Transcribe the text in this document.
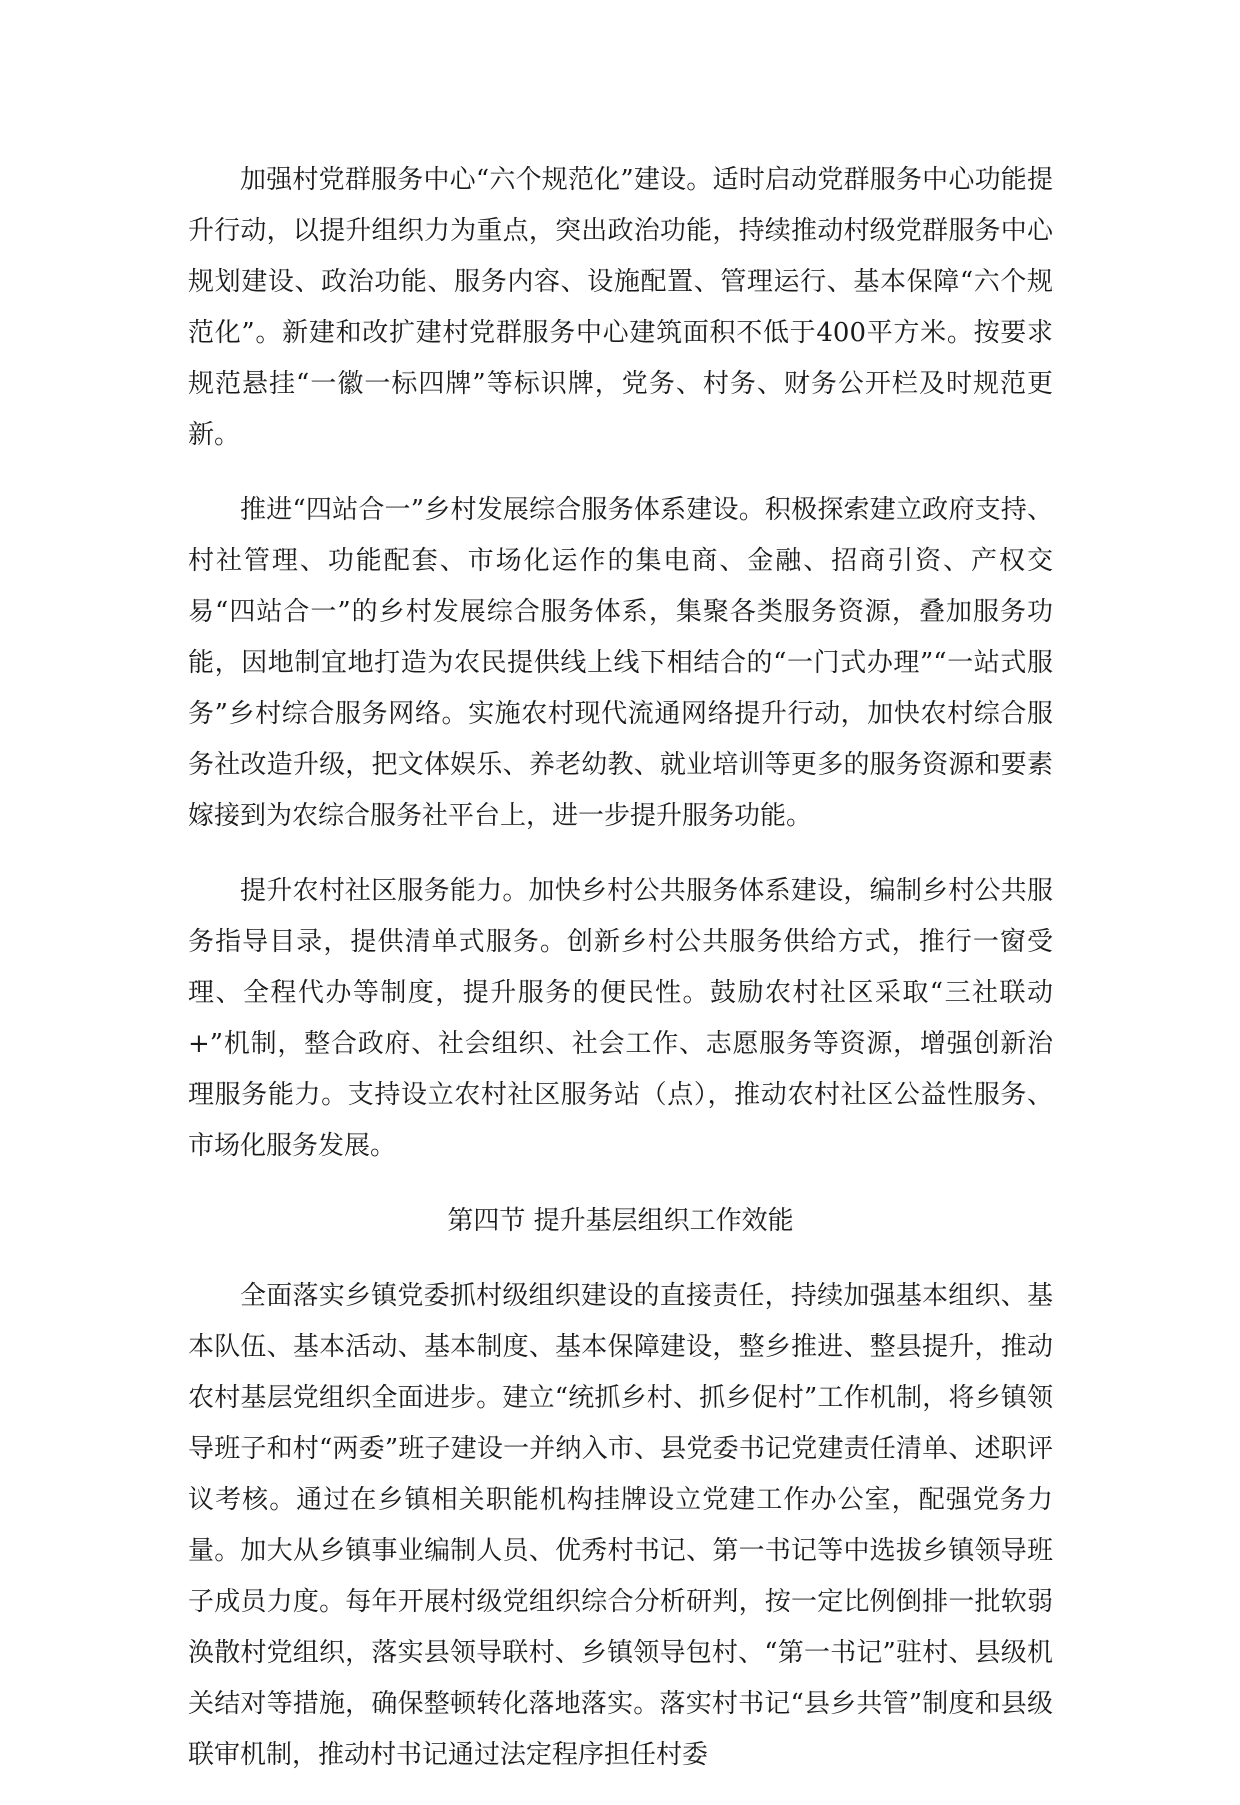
加强村党群服务中心“六个规范化”建设。适时启动党群服务中心功能提升行动，以提升组织力为重点，突出政治功能，持续推动村级党群服务中心规划建设、政治功能、服务内容、设施配置、管理运行、基本保障“六个规范化”。新建和改扩建村党群服务中心建筑面积不低于400平方米。按要求规范悬挂“一徽一标四牌”等标识牌，党务、村务、财务公开栏及时规范更新。

推进“四站合一”乡村发展综合服务体系建设。积极探索建立政府支持、村社管理、功能配套、市场化运作的集电商、金融、招商引资、产权交易“四站合一”的乡村发展综合服务体系，集聚各类服务资源，叠加服务功能，因地制宜地打造为农民提供线上线下相结合的“一门式办理”“一站式服务”乡村综合服务网络。实施农村现代流通网络提升行动，加快农村综合服务社改造升级，把文体娱乐、养老幼教、就业培训等更多的服务资源和要素嫁接到为农综合服务社平台上，进一步提升服务功能。

提升农村社区服务能力。加快乡村公共服务体系建设，编制乡村公共服务指导目录，提供清单式服务。创新乡村公共服务供给方式，推行一窗受理、全程代办等制度，提升服务的便民性。鼓励农村社区采取“三社联动+”机制，整合政府、社会组织、社会工作、志愿服务等资源，增强创新治理服务能力。支持设立农村社区服务站（点），推动农村社区公益性服务、市场化服务发展。

第四节 提升基层组织工作效能

全面落实乡镇党委抓村级组织建设的直接责任，持续加强基本组织、基本队伍、基本活动、基本制度、基本保障建设，整乡推进、整县提升，推动农村基层党组织全面进步。建立“统抓乡村、抓乡促村”工作机制，将乡镇领导班子和村“两委”班子建设一并纳入市、县党委书记党建责任清单、述职评议考核。通过在乡镇相关职能机构挂牌设立党建工作办公室，配强党务力量。加大从乡镇事业编制人员、优秀村书记、第一书记等中选拔乡镇领导班子成员力度。每年开展村级党组织综合分析研判，按一定比例倒排一批软弱涣散村党组织，落实县领导联村、乡镇领导包村、“第一书记”驻村、县级机关结对等措施，确保整顿转化落地落实。落实村书记“县乡共管”制度和县级联审机制，推动村书记通过法定程序担任村委
